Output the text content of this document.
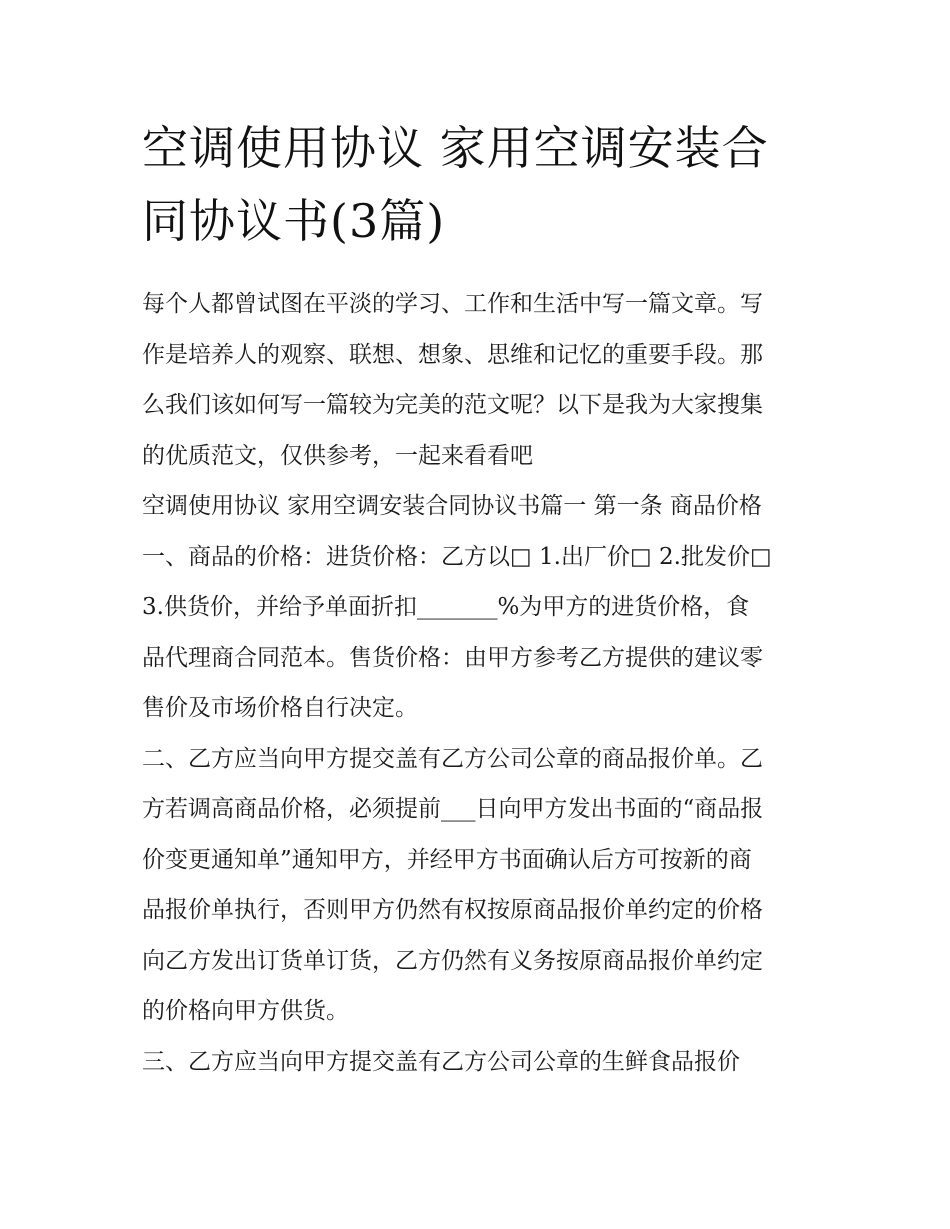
空调使用协议 家用空调安装合
同协议书(3篇)
每个人都曾试图在平淡的学习、工作和生活中写一篇文章。写
作是培养人的观察、联想、想象、思维和记忆的重要手段。那
么我们该如何写一篇较为完美的范文呢？以下是我为大家搜集
的优质范文，仅供参考，一起来看看吧
空调使用协议 家用空调安装合同协议书篇一 第一条 商品价格
一、商品的价格：进货价格：乙方以□ 1.出厂价□ 2.批发价□
3.供货价，并给予单面折扣_______%为甲方的进货价格，食
品代理商合同范本。售货价格：由甲方参考乙方提供的建议零
售价及市场价格自行决定。
二、乙方应当向甲方提交盖有乙方公司公章的商品报价单。乙
方若调高商品价格，必须提前___日向甲方发出书面的“商品报
价变更通知单”通知甲方，并经甲方书面确认后方可按新的商
品报价单执行，否则甲方仍然有权按原商品报价单约定的价格
向乙方发出订货单订货，乙方仍然有义务按原商品报价单约定
的价格向甲方供货。
三、乙方应当向甲方提交盖有乙方公司公章的生鲜食品报价
